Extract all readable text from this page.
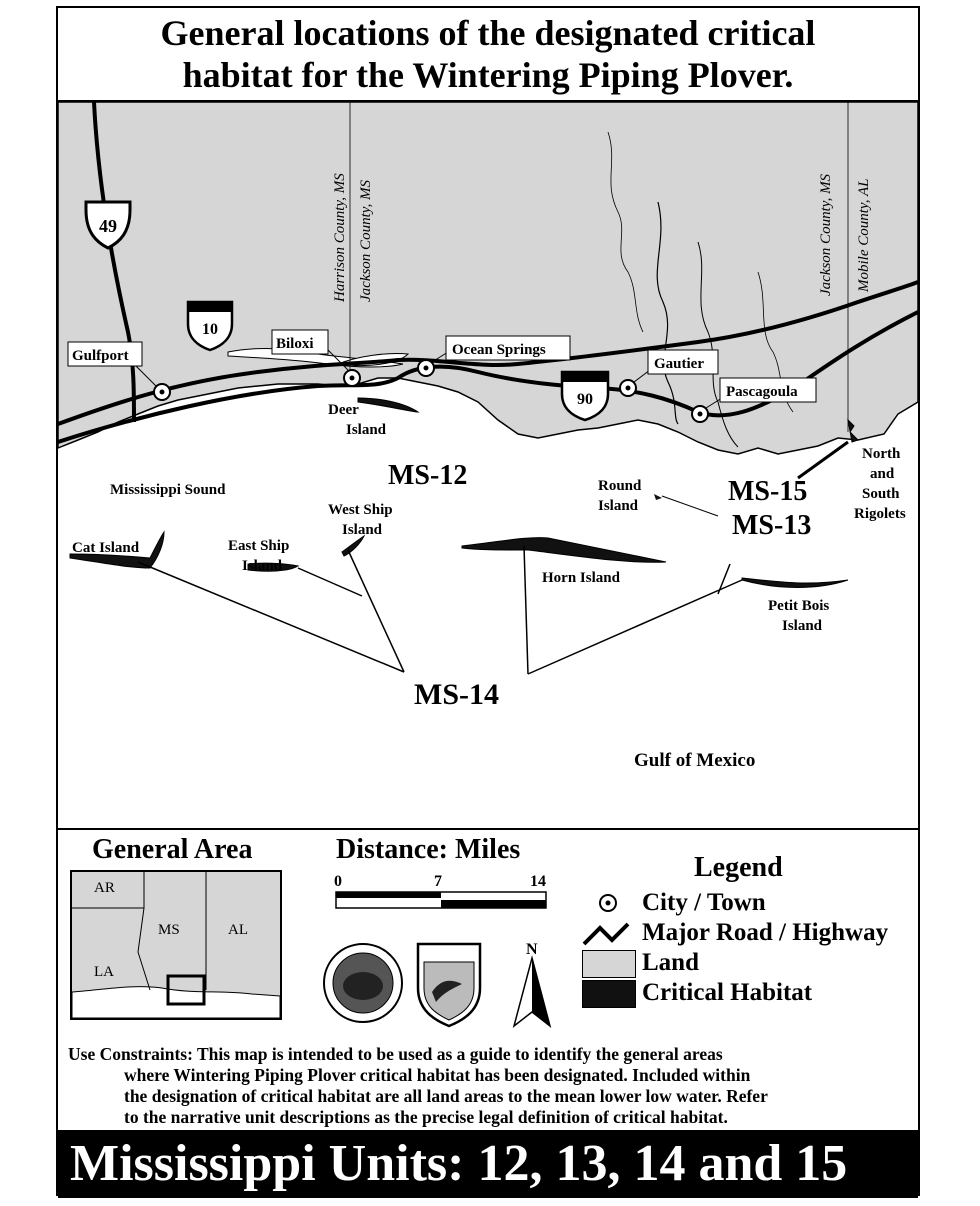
General locations of the designated critical
habitat for the Wintering Piping Plover.
49
10
90
Harrison County, MS Jackson County, MS	Jackson County, MS Mobile County, AL
Gulfport
Biloxi	Ocean Springs
Gautier
Pascagoula
Deer
Island
MS-12
Mississippi Sound
Cat Island	East Ship
Island
West Ship
Island
Horn Island
Petit Bois
Island
Round
Island
North
and
South
Rigolets
MS-15
MS-13
MS-14
Gulf of Mexico
General Area
AR
MS	AL
LA
Distance: Miles
0	7	14
N
Legend
City / Town
Major Road / Highway
Land
Critical Habitat
Use Constraints: This map is intended to be used as a guide to identify the general areas
where Wintering Piping Plover critical habitat has been designated. Included within
the designation of critical habitat are all land areas to the mean lower low water. Refer
to the narrative unit descriptions as the precise legal definition of critical habitat.
Mississippi Units: 12, 13, 14 and 15
